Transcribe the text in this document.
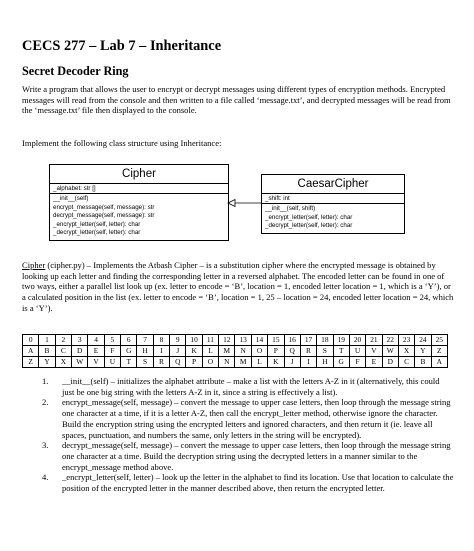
CECS 277 – Lab 7 – Inheritance
Secret Decoder Ring
Write a program that allows the user to encrypt or decrypt messages using different types of encryption methods. Encrypted messages will read from the console and then written to a file called ‘message.txt’, and decrypted messages will be read from the ‘message.txt’ file then displayed to the console.
Implement the following class structure using Inheritance:
Cipher
_alphabet: str []
__init__(self)
encrypt_message(self, message): str
decrypt_message(self, message): str
_encrypt_letter(self, letter): char
_decrypt_letter(self, letter): char
CaesarCipher
_shift: int
__init__(self, shift)
_encrypt_letter(self, letter): char
_decrypt_letter(self, letter): char
Cipher (cipher.py) – Implements the Atbash Cipher – is a substitution cipher where the encrypted message is obtained by looking up each letter and finding the corresponding letter in a reversed alphabet. The encoded letter can be found in one of two ways, either a parallel list look up (ex. letter to encode = ‘B’, location = 1, encoded letter location = 1, which is a ‘Y’), or a calculated position in the list (ex. letter to encode = ‘B’, location = 1, 25 – location = 24, encoded letter location = 24, which is a ‘Y’).
0	1	2	3	4	5	6	7	8	9	10	11	12	13	14	15	16	17	18	19	20	21	22	23	24	25
A	B	C	D	E	F	G	H	I	J	K	L	M	N	O	P	Q	R	S	T	U	V	W	X	Y	Z
Z	Y	X	W	V	U	T	S	R	Q	P	O	N	M	L	K	J	I	H	G	F	E	D	C	B	A
1. __init__(self) – initializes the alphabet attribute – make a list with the letters A-Z in it (alternatively, this could just be one big string with the letters A-Z in it, since a string is effectively a list).
2. encrypt_message(self, message) – convert the message to upper case letters, then loop through the message string one character at a time, if it is a letter A-Z, then call the encrypt_letter method, otherwise ignore the character. Build the encryption string using the encrypted letters and ignored characters, and then return it (ie. leave all spaces, punctuation, and numbers the same, only letters in the string will be encrypted).
3. decrypt_message(self, message) – convert the message to upper case letters, then loop through the message string one character at a time. Build the decryption string using the decrypted letters in a manner similar to the encrypt_message method above.
4. _encrypt_letter(self, letter) – look up the letter in the alphabet to find its location. Use that location to calculate the position of the encrypted letter in the manner described above, then return the encrypted letter.
